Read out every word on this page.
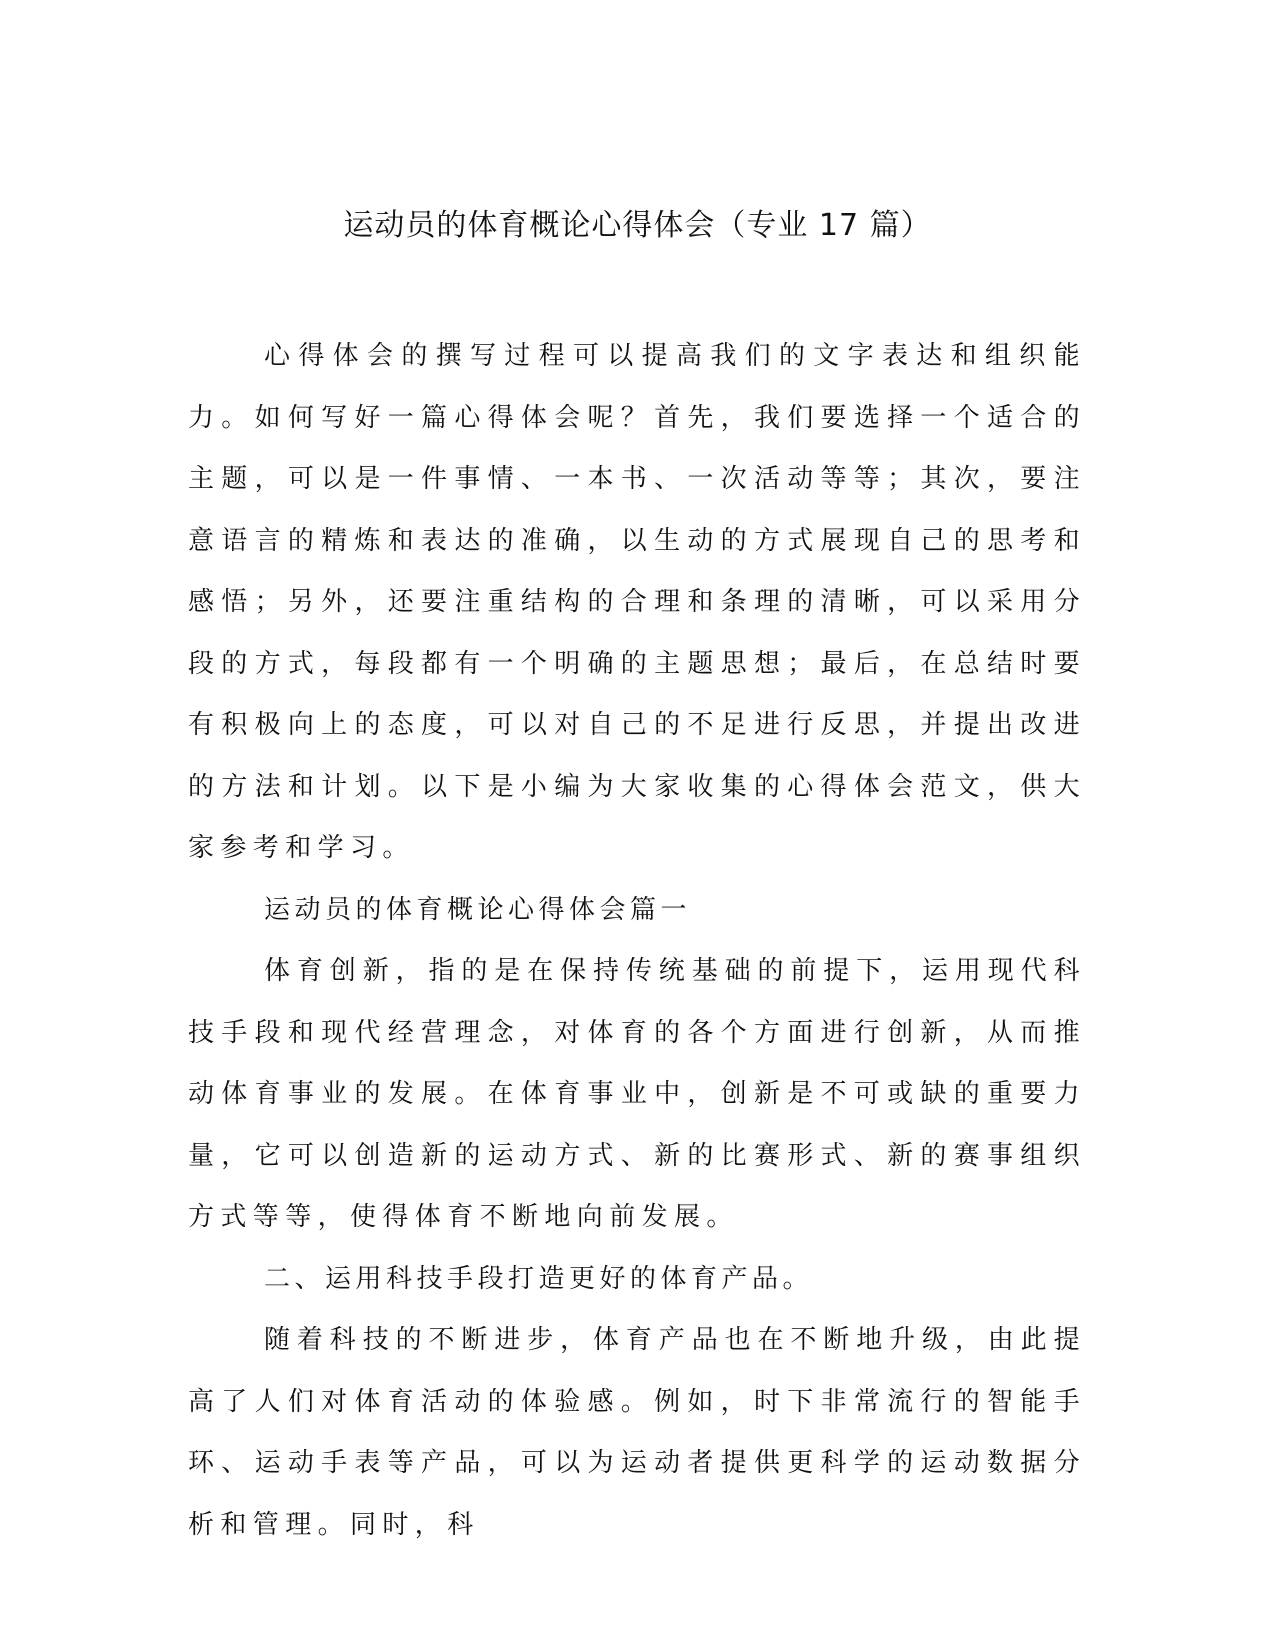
运动员的体育概论心得体会（专业 17 篇）

心得体会的撰写过程可以提高我们的文字表达和组织能力。如何写好一篇心得体会呢？首先，我们要选择一个适合的主题，可以是一件事情、一本书、一次活动等等；其次，要注意语言的精炼和表达的准确，以生动的方式展现自己的思考和感悟；另外，还要注重结构的合理和条理的清晰，可以采用分段的方式，每段都有一个明确的主题思想；最后，在总结时要有积极向上的态度，可以对自己的不足进行反思，并提出改进的方法和计划。以下是小编为大家收集的心得体会范文，供大家参考和学习。

运动员的体育概论心得体会篇一

体育创新，指的是在保持传统基础的前提下，运用现代科技手段和现代经营理念，对体育的各个方面进行创新，从而推动体育事业的发展。在体育事业中，创新是不可或缺的重要力量，它可以创造新的运动方式、新的比赛形式、新的赛事组织方式等等，使得体育不断地向前发展。

二、运用科技手段打造更好的体育产品。

随着科技的不断进步，体育产品也在不断地升级，由此提高了人们对体育活动的体验感。例如，时下非常流行的智能手环、运动手表等产品，可以为运动者提供更科学的运动数据分析和管理。同时，科
